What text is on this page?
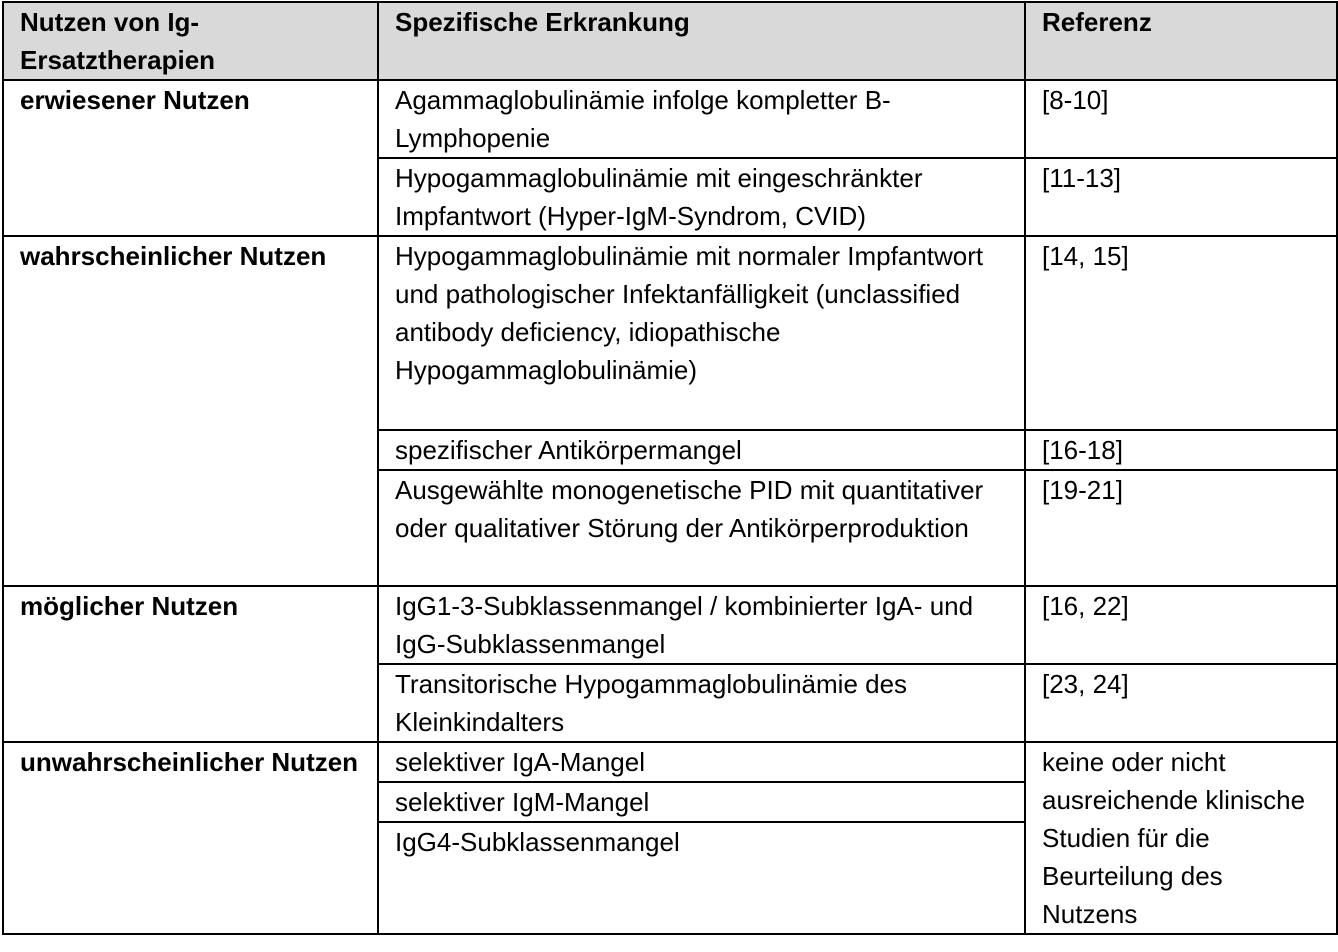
Nutzen von Ig-Ersatztherapien	Spezifische Erkrankung	Referenz
erwiesener Nutzen	Agammaglobulinämie infolge kompletter B-Lymphopenie	[8-10]
	Hypogammaglobulinämie mit eingeschränkter Impfantwort (Hyper-IgM-Syndrom, CVID)	[11-13]
wahrscheinlicher Nutzen	Hypogammaglobulinämie mit normaler Impfantwort und pathologischer Infektanfälligkeit (unclassified antibody deficiency, idiopathische Hypogammaglobulinämie)	[14, 15]
	spezifischer Antikörpermangel	[16-18]
	Ausgewählte monogenetische PID mit quantitativer oder qualitativer Störung der Antikörperproduktion	[19-21]
möglicher Nutzen	IgG1-3-Subklassenmangel / kombinierter IgA- und IgG-Subklassenmangel	[16, 22]
	Transitorische Hypogammaglobulinämie des Kleinkindalters	[23, 24]
unwahrscheinlicher Nutzen	selektiver IgA-Mangel	keine oder nicht ausreichende klinische Studien für die Beurteilung des Nutzens
	selektiver IgM-Mangel	
	IgG4-Subklassenmangel	
